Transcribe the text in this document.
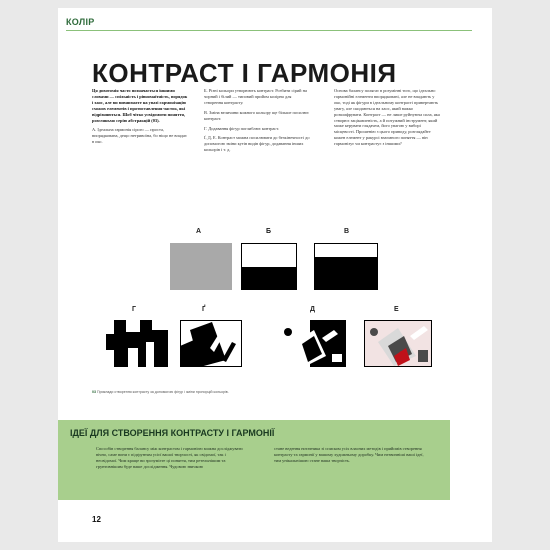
КОЛІР
КОНТРАСТ І ГАРМОНІЯ

Ця дихотомія часто позначається іншими словами — спільність і рівномаїтність, порядок і хаос, але ви вовнимаєте на увазі гармонізацію схожих елементів і протиставлення часток, які відрізняються. Шоб чітко усвідомити поняття, розгляньмо серію абстракцій (03).

А. Ідеальна гармонія сірого — проста, впорядкована, дещо нетривоїна, бо ніщо не впадає в око.

Б. Різні кольори утворюють контраст. Розбити сірий на чорний і білий — типовий прийом колірна для створення контрасту.

В. Зміна величини кожного кольору ще більше посилює контраст.

Г. Додавання фігур поглиблює контраст.

Ґ, Д, Е. Контраст можна посилювати до безкінечності до допомогою зміни кутів видів фігур, додавання інших кольорів і т. д.

Основа балансу полягає в розумінні того, що ідеально гармонійні елементи впорядковані, але не впадають у око, тоді як фігури в ідеальному контрасті привертають увагу, але скидаються на хаос, який важко розшифрувати. Контраст — не лише руйнуюча сила, яка створює зацікавленість, а й потужний інструмент, який може керувати глядачем, його увагою у виборі місцевості. Прошенію з цього приводу, розглядайте кожен елемент у ракурсі взаємного поняття — він гармонізує чи контрастує з іншими?

А	Б	В
Г	Ґ	Д	Е
03 Приклади створення контрасту за допомогою фігур і зміни пропорцій кольорів.
ІДЕЇ ДЛЯ СТВОРЕННЯ КОНТРАСТУ І ГАРМОНІЇ
Способів створення балансу між контрастом і гармонією можна досліджувати вічно, саме вони є підґрунтям усієї вашої творчості, як свідомої, так і несвідомої. Чим краще ви зрозумієте ці поняття, тим ретельнішим та грунтовнішим буде ваше дослідження. Чудовою звичкою
стане ведення нотатника зі списком усіх власних методів і прийомів створення контрасту та гармонії у вашому художньому доробку. Чим незвичніші ваші ідеї, тим унікальнішою стане ваша творчість.
12
